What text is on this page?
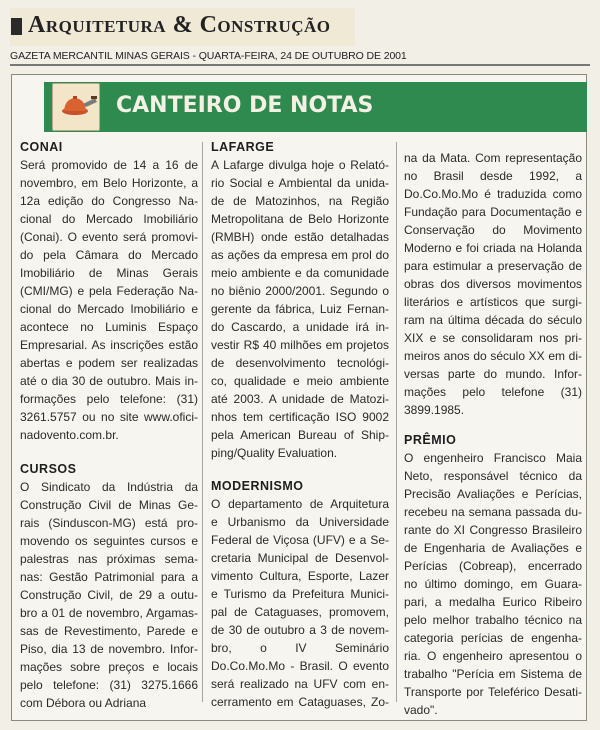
Arquitetura & Construção
GAZETA MERCANTIL MINAS GERAIS - QUARTA-FEIRA, 24 DE OUTUBRO DE 2001
CANTEIRO DE NOTAS
CONAI

Será promovido de 14 a 16 de

novembro, em Belo Horizonte, a

12a edição do Congresso Na-

cional do Mercado Imobiliário

(Conai). O evento será promovi-

do pela Câmara do Mercado

Imobiliário de Minas Gerais

(CMI/MG) e pela Federação Na-

cional do Mercado Imobiliário e

acontece no Luminis Espaço

Empresarial. As inscrições estão

abertas e podem ser realizadas

até o dia 30 de outubro. Mais in-

formações pelo telefone: (31)

3261.5757 ou no site www.ofici-

nadovento.com.br.

CURSOS

O Sindicato da Indústria da

Construção Civil de Minas Ge-

rais (Sinduscon-MG) está pro-

movendo os seguintes cursos e

palestras nas próximas sema-

nas: Gestão Patrimonial para a

Construção Civil, de 29 a outu-

bro a 01 de novembro, Argamas-

sas de Revestimento, Parede e

Piso, dia 13 de novembro. Infor-

mações sobre preços e locais

pelo telefone: (31) 3275.1666

com Débora ou Adriana

LAFARGE

A Lafarge divulga hoje o Relató-

rio Social e Ambiental da unida-

de de Matozinhos, na Região

Metropolitana de Belo Horizonte

(RMBH) onde estão detalhadas

as ações da empresa em prol do

meio ambiente e da comunidade

no biênio 2000/2001. Segundo o

gerente da fábrica, Luiz Fernan-

do Cascardo, a unidade irá in-

vestir R$ 40 milhões em projetos

de desenvolvimento tecnológi-

co, qualidade e meio ambiente

até 2003. A unidade de Matozi-

nhos tem certificação ISO 9002

pela American Bureau of Ship-

ping/Quality Evaluation.

MODERNISMO

O departamento de Arquitetura

e Urbanismo da Universidade

Federal de Viçosa (UFV) e a Se-

cretaria Municipal de Desenvol-

vimento Cultura, Esporte, Lazer

e Turismo da Prefeitura Munici-

pal de Cataguases, promovem,

de 30 de outubro a 3 de novem-

bro, o IV Seminário

Do.Co.Mo.Mo - Brasil. O evento

será realizado na UFV com en-

cerramento em Cataguases, Zo-

na da Mata. Com representação

no Brasil desde 1992, a

Do.Co.Mo.Mo é traduzida como

Fundação para Documentação e

Conservação do Movimento

Moderno e foi criada na Holanda

para estimular a preservação de

obras dos diversos movimentos

literários e artísticos que surgi-

ram na última década do século

XIX e se consolidaram nos pri-

meiros anos do século XX em di-

versas parte do mundo. Infor-

mações pelo telefone (31)

3899.1985.

PRÊMIO

O engenheiro Francisco Maia

Neto, responsável técnico da

Precisão Avaliações e Perícias,

recebeu na semana passada du-

rante do XI Congresso Brasileiro

de Engenharia de Avaliações e

Perícias (Cobreap), encerrado

no último domingo, em Guara-

pari, a medalha Eurico Ribeiro

pelo melhor trabalho técnico na

categoria perícias de engenha-

ria. O engenheiro apresentou o

trabalho "Perícia em Sistema de

Transporte por Teleférico Desati-

vado".
